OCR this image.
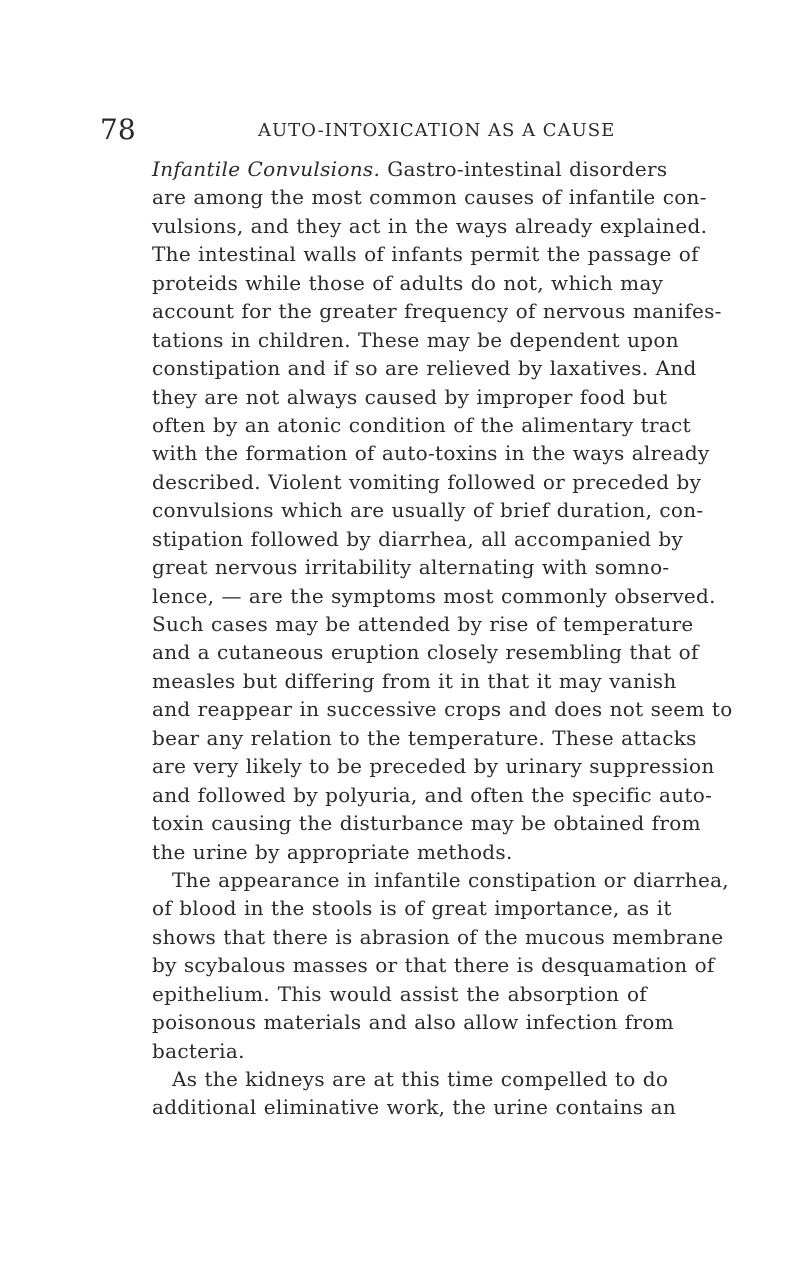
78	AUTO-INTOXICATION AS A CAUSE
Infantile Convulsions. Gastro-intestinal disorders
are among the most common causes of infantile con-
vulsions, and they act in the ways already explained.
The intestinal walls of infants permit the passage of
proteids while those of adults do not, which may
account for the greater frequency of nervous manifes-
tations in children. These may be dependent upon
constipation and if so are relieved by laxatives. And
they are not always caused by improper food but
often by an atonic condition of the alimentary tract
with the formation of auto-toxins in the ways already
described. Violent vomiting followed or preceded by
convulsions which are usually of brief duration, con-
stipation followed by diarrhea, all accompanied by
great nervous irritability alternating with somno-
lence, — are the symptoms most commonly observed.
Such cases may be attended by rise of temperature
and a cutaneous eruption closely resembling that of
measles but differing from it in that it may vanish
and reappear in successive crops and does not seem to
bear any relation to the temperature. These attacks
are very likely to be preceded by urinary suppression
and followed by polyuria, and often the specific auto-
toxin causing the disturbance may be obtained from
the urine by appropriate methods.
The appearance in infantile constipation or diarrhea,
of blood in the stools is of great importance, as it
shows that there is abrasion of the mucous membrane
by scybalous masses or that there is desquamation of
epithelium. This would assist the absorption of
poisonous materials and also allow infection from
bacteria.
As the kidneys are at this time compelled to do
additional eliminative work, the urine contains an
